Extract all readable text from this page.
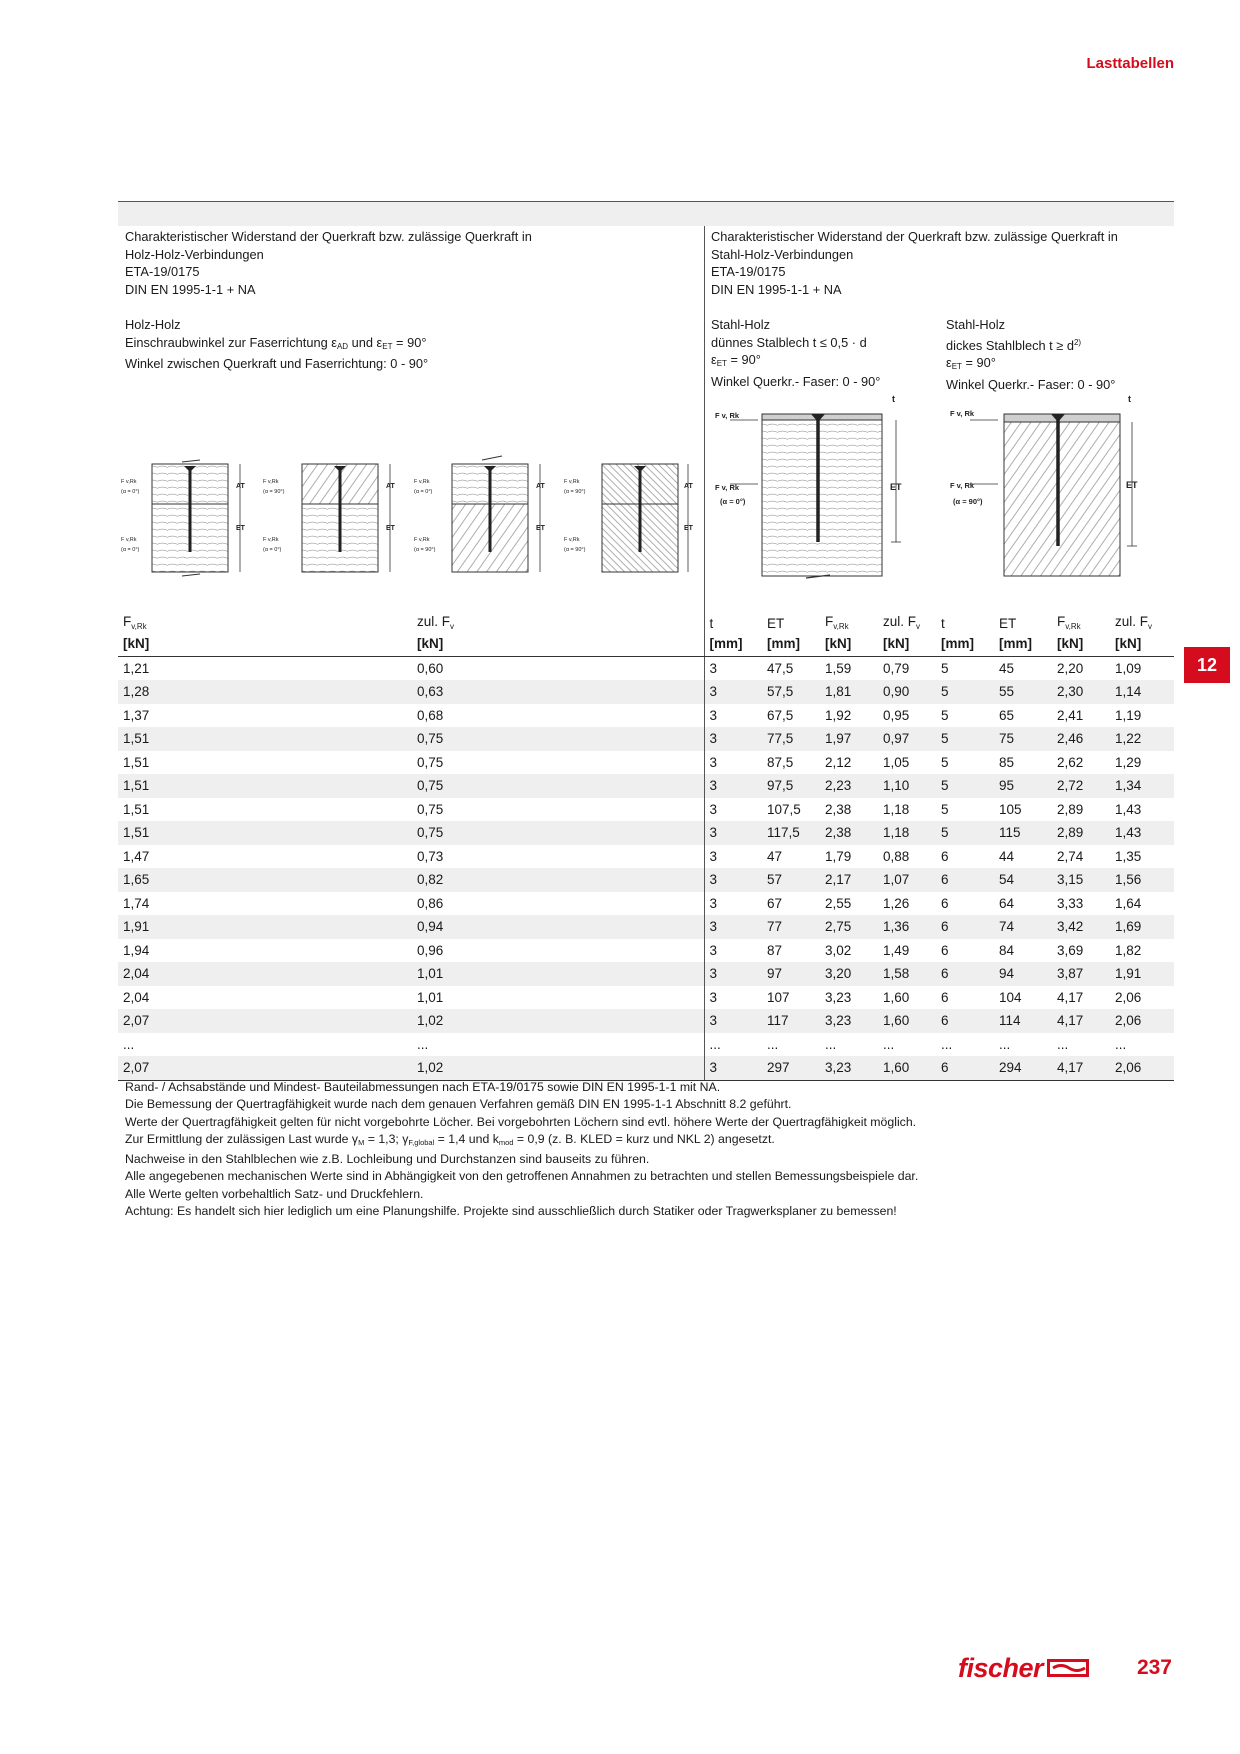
Lasttabellen
Charakteristischer Widerstand der Querkraft bzw. zulässige Querkraft in
Holz-Holz-Verbindungen
ETA-19/0175
DIN EN 1995-1-1 + NA
Holz-Holz
Einschraubwinkel zur Faserrichtung $\varepsilon_{AD}$ und $\varepsilon_{ET} = 90^\circ$
Winkel zwischen Querkraft und Faserrichtung: 0 - 90°
Charakteristischer Widerstand der Querkraft bzw. zulässige Querkraft in
Stahl-Holz-Verbindungen
ETA-19/0175
DIN EN 1995-1-1 + NA
Stahl-Holz
dünnes Stalblech t ≤ 0,5 · d
$\varepsilon_{ET} = 90^\circ$
Winkel Querkr.- Faser: 0 - 90°
Stahl-Holz
dickes Stahlblech $t \ge d^{2)}$
$\varepsilon_{ET} = 90^\circ$
Winkel Querkr.- Faser: 0 - 90°
AT
ET
F v,Rk
(α = 0°)
F v,Rk
(α = 0°)
AT
ET
F v,Rk
(α = 90°)
F v,Rk
(α = 0°)
AT
ET
F v,Rk
(α = 0°)
F v,Rk
(α = 90°)
AT
ET
F v,Rk
(α = 90°)
F v,Rk
(α = 90°)
t
ET
F v, Rk
F v, Rk
(α = 0°)
t
ET
F v, Rk
F v, Rk
(α = 90°)
$F_{v,Rk}$	zul. $F_v$	t	ET	$F_{v,Rk}$	zul. $F_v$	t	ET	$F_{v,Rk}$	zul. $F_v$
[kN]	[kN]	[mm]	[mm]	[kN]	[kN]	[mm]	[mm]	[kN]	[kN]
1,21	0,60	3	47,5	1,59	0,79	5	45	2,20	1,09
1,28	0,63	3	57,5	1,81	0,90	5	55	2,30	1,14
1,37	0,68	3	67,5	1,92	0,95	5	65	2,41	1,19
1,51	0,75	3	77,5	1,97	0,97	5	75	2,46	1,22
1,51	0,75	3	87,5	2,12	1,05	5	85	2,62	1,29
1,51	0,75	3	97,5	2,23	1,10	5	95	2,72	1,34
1,51	0,75	3	107,5	2,38	1,18	5	105	2,89	1,43
1,51	0,75	3	117,5	2,38	1,18	5	115	2,89	1,43
1,47	0,73	3	47	1,79	0,88	6	44	2,74	1,35
1,65	0,82	3	57	2,17	1,07	6	54	3,15	1,56
1,74	0,86	3	67	2,55	1,26	6	64	3,33	1,64
1,91	0,94	3	77	2,75	1,36	6	74	3,42	1,69
1,94	0,96	3	87	3,02	1,49	6	84	3,69	1,82
2,04	1,01	3	97	3,20	1,58	6	94	3,87	1,91
2,04	1,01	3	107	3,23	1,60	6	104	4,17	2,06
2,07	1,02	3	117	3,23	1,60	6	114	4,17	2,06
...	...	...	...	...	...	...	...	...	...
2,07	1,02	3	297	3,23	1,60	6	294	4,17	2,06
12
Rand- / Achsabstände und Mindest- Bauteilabmessungen nach ETA-19/0175 sowie DIN EN 1995-1-1 mit NA.
Die Bemessung der Quertragfähigkeit wurde nach dem genauen Verfahren gemäß DIN EN 1995-1-1 Abschnitt 8.2 geführt.
Werte der Quertragfähigkeit gelten für nicht vorgebohrte Löcher. Bei vorgebohrten Löchern sind evtl. höhere Werte der Quertragfähigkeit möglich.
Zur Ermittlung der zulässigen Last wurde $\gamma_M = 1,3$; $\gamma_{F,global} = 1,4$ und $k_{mod} = 0,9$ (z. B. KLED = kurz und NKL 2) angesetzt.
Nachweise in den Stahlblechen wie z.B. Lochleibung und Durchstanzen sind bauseits zu führen.
Alle angegebenen mechanischen Werte sind in Abhängigkeit von den getroffenen Annahmen zu betrachten und stellen Bemessungsbeispiele dar.
Alle Werte gelten vorbehaltlich Satz- und Druckfehlern.
Achtung: Es handelt sich hier lediglich um eine Planungshilfe. Projekte sind ausschließlich durch Statiker oder Tragwerksplaner zu bemessen!
fischer	237
